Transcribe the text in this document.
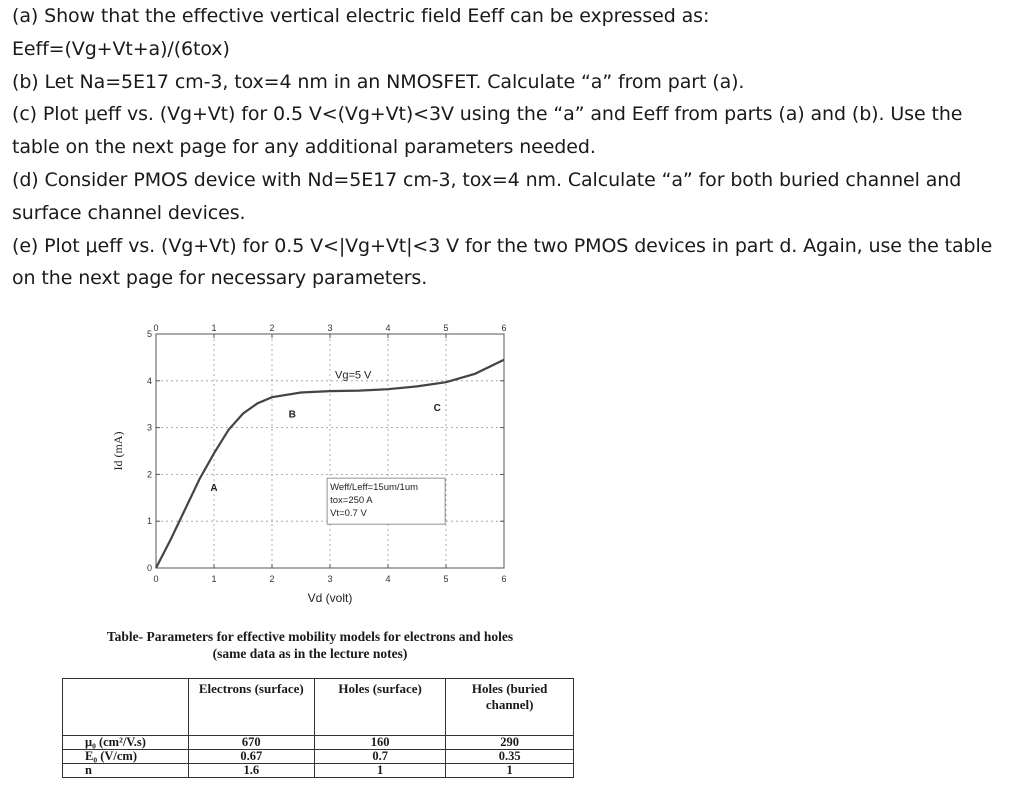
(a) Show that the effective vertical electric field Eeff can be expressed as:

Eeff=(Vg+Vt+a)/(6tox)

(b) Let Na=5E17 cm-3, tox=4 nm in an NMOSFET. Calculate “a” from part (a).

(c) Plot μeff vs. (Vg+Vt) for 0.5 V<(Vg+Vt)<3V using the “a” and Eeff from parts (a) and (b). Use the table on the next page for any additional parameters needed.

(d) Consider PMOS device with Nd=5E17 cm-3, tox=4 nm. Calculate “a” for both buried channel and surface channel devices.

(e) Plot μeff vs. (Vg+Vt) for 0.5 V<|Vg+Vt|<3 V for the two PMOS devices in part d. Again, use the table on the next page for necessary parameters.

0
0
1
1
2
2
3
3
4
4
5
5
6
6
0
1
2
3
4
5
Vd (volt)
Id (mA)
Vg=5 V
A
B
C
Weff/Leff=15um/1um
tox=250 A
Vt=0.7 V
Table- Parameters for effective mobility models for electrons and holes
(same data as in the lecture notes)
	Electrons (surface)	Holes (surface)	Holes (buried channel)
μ₀ (cm²/V.s)	670	160	290
E₀ (V/cm)	0.67	0.7	0.35
n	1.6	1	1
